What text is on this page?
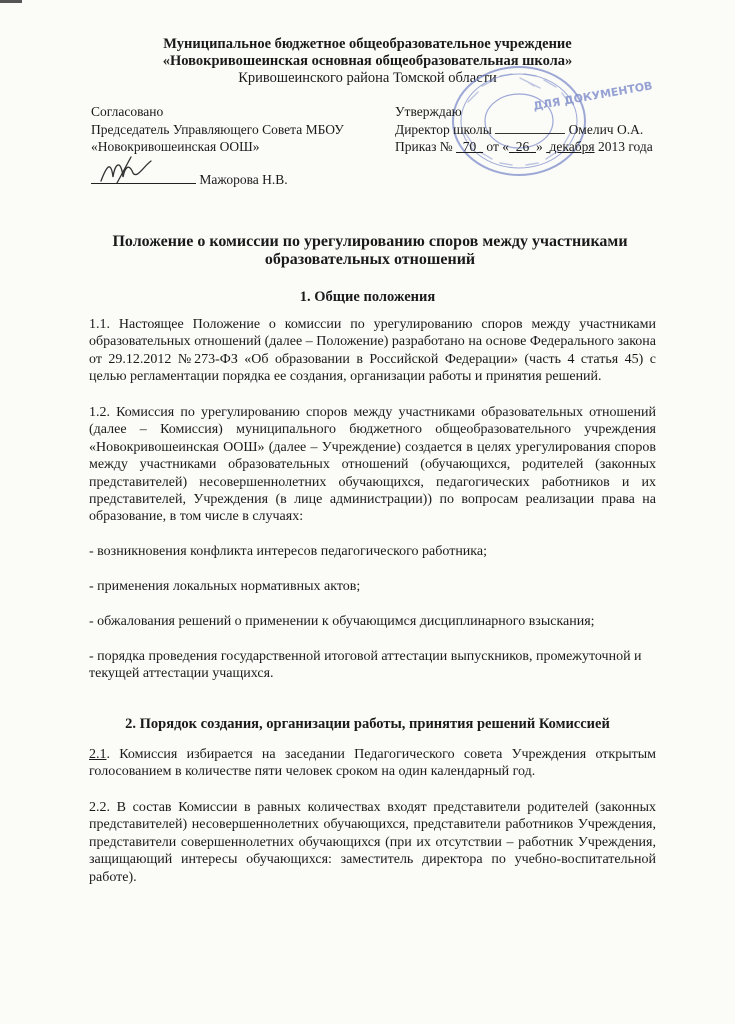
Муниципальное бюджетное общеобразовательное учреждение
«Новокривошеинская основная общеобразовательная школа»
Кривошеинского района Томской области
ДЛЯ ДОКУМЕНТОВ
Согласовано
Председатель Управляющего Совета МБОУ
«Новокривошеинская ООШ»
Мажорова Н.В.
Утверждаю
Директор школы	Омелич О.А.
Приказ № 70 от « 26 » декабря 2013 года
Положение о комиссии по урегулированию споров между участниками
образовательных отношений
1. Общие положения

1.1. Настоящее Положение о комиссии по урегулированию споров между участниками образовательных отношений (далее – Положение) разработано на основе Федерального закона от 29.12.2012 №273-ФЗ «Об образовании в Российской Федерации» (часть 4 статья 45) с целью регламентации порядка ее создания, организации работы и принятия решений.

1.2. Комиссия по урегулированию споров между участниками образовательных отношений (далее – Комиссия) муниципального бюджетного общеобразовательного учреждения «Новокривошеинская ООШ» (далее – Учреждение) создается в целях урегулирования споров между участниками образовательных отношений (обучающихся, родителей (законных представителей) несовершеннолетних обучающихся, педагогических работников и их представителей, Учреждения (в лице администрации)) по вопросам реализации права на образование, в том числе в случаях:

- возникновения конфликта интересов педагогического работника;

- применения локальных нормативных актов;

- обжалования решений о применении к обучающимся дисциплинарного взыскания;

- порядка проведения государственной итоговой аттестации выпускников, промежуточной и текущей аттестации учащихся.

2. Порядок создания, организации работы, принятия решений Комиссией

2.1. Комиссия избирается на заседании Педагогического совета Учреждения открытым голосованием в количестве пяти человек сроком на один календарный год.

2.2. В состав Комиссии в равных количествах входят представители родителей (законных представителей) несовершеннолетних обучающихся, представители работников Учреждения, представители совершеннолетних обучающихся (при их отсутствии – работник Учреждения, защищающий интересы обучающихся: заместитель директора по учебно-воспитательной работе).
